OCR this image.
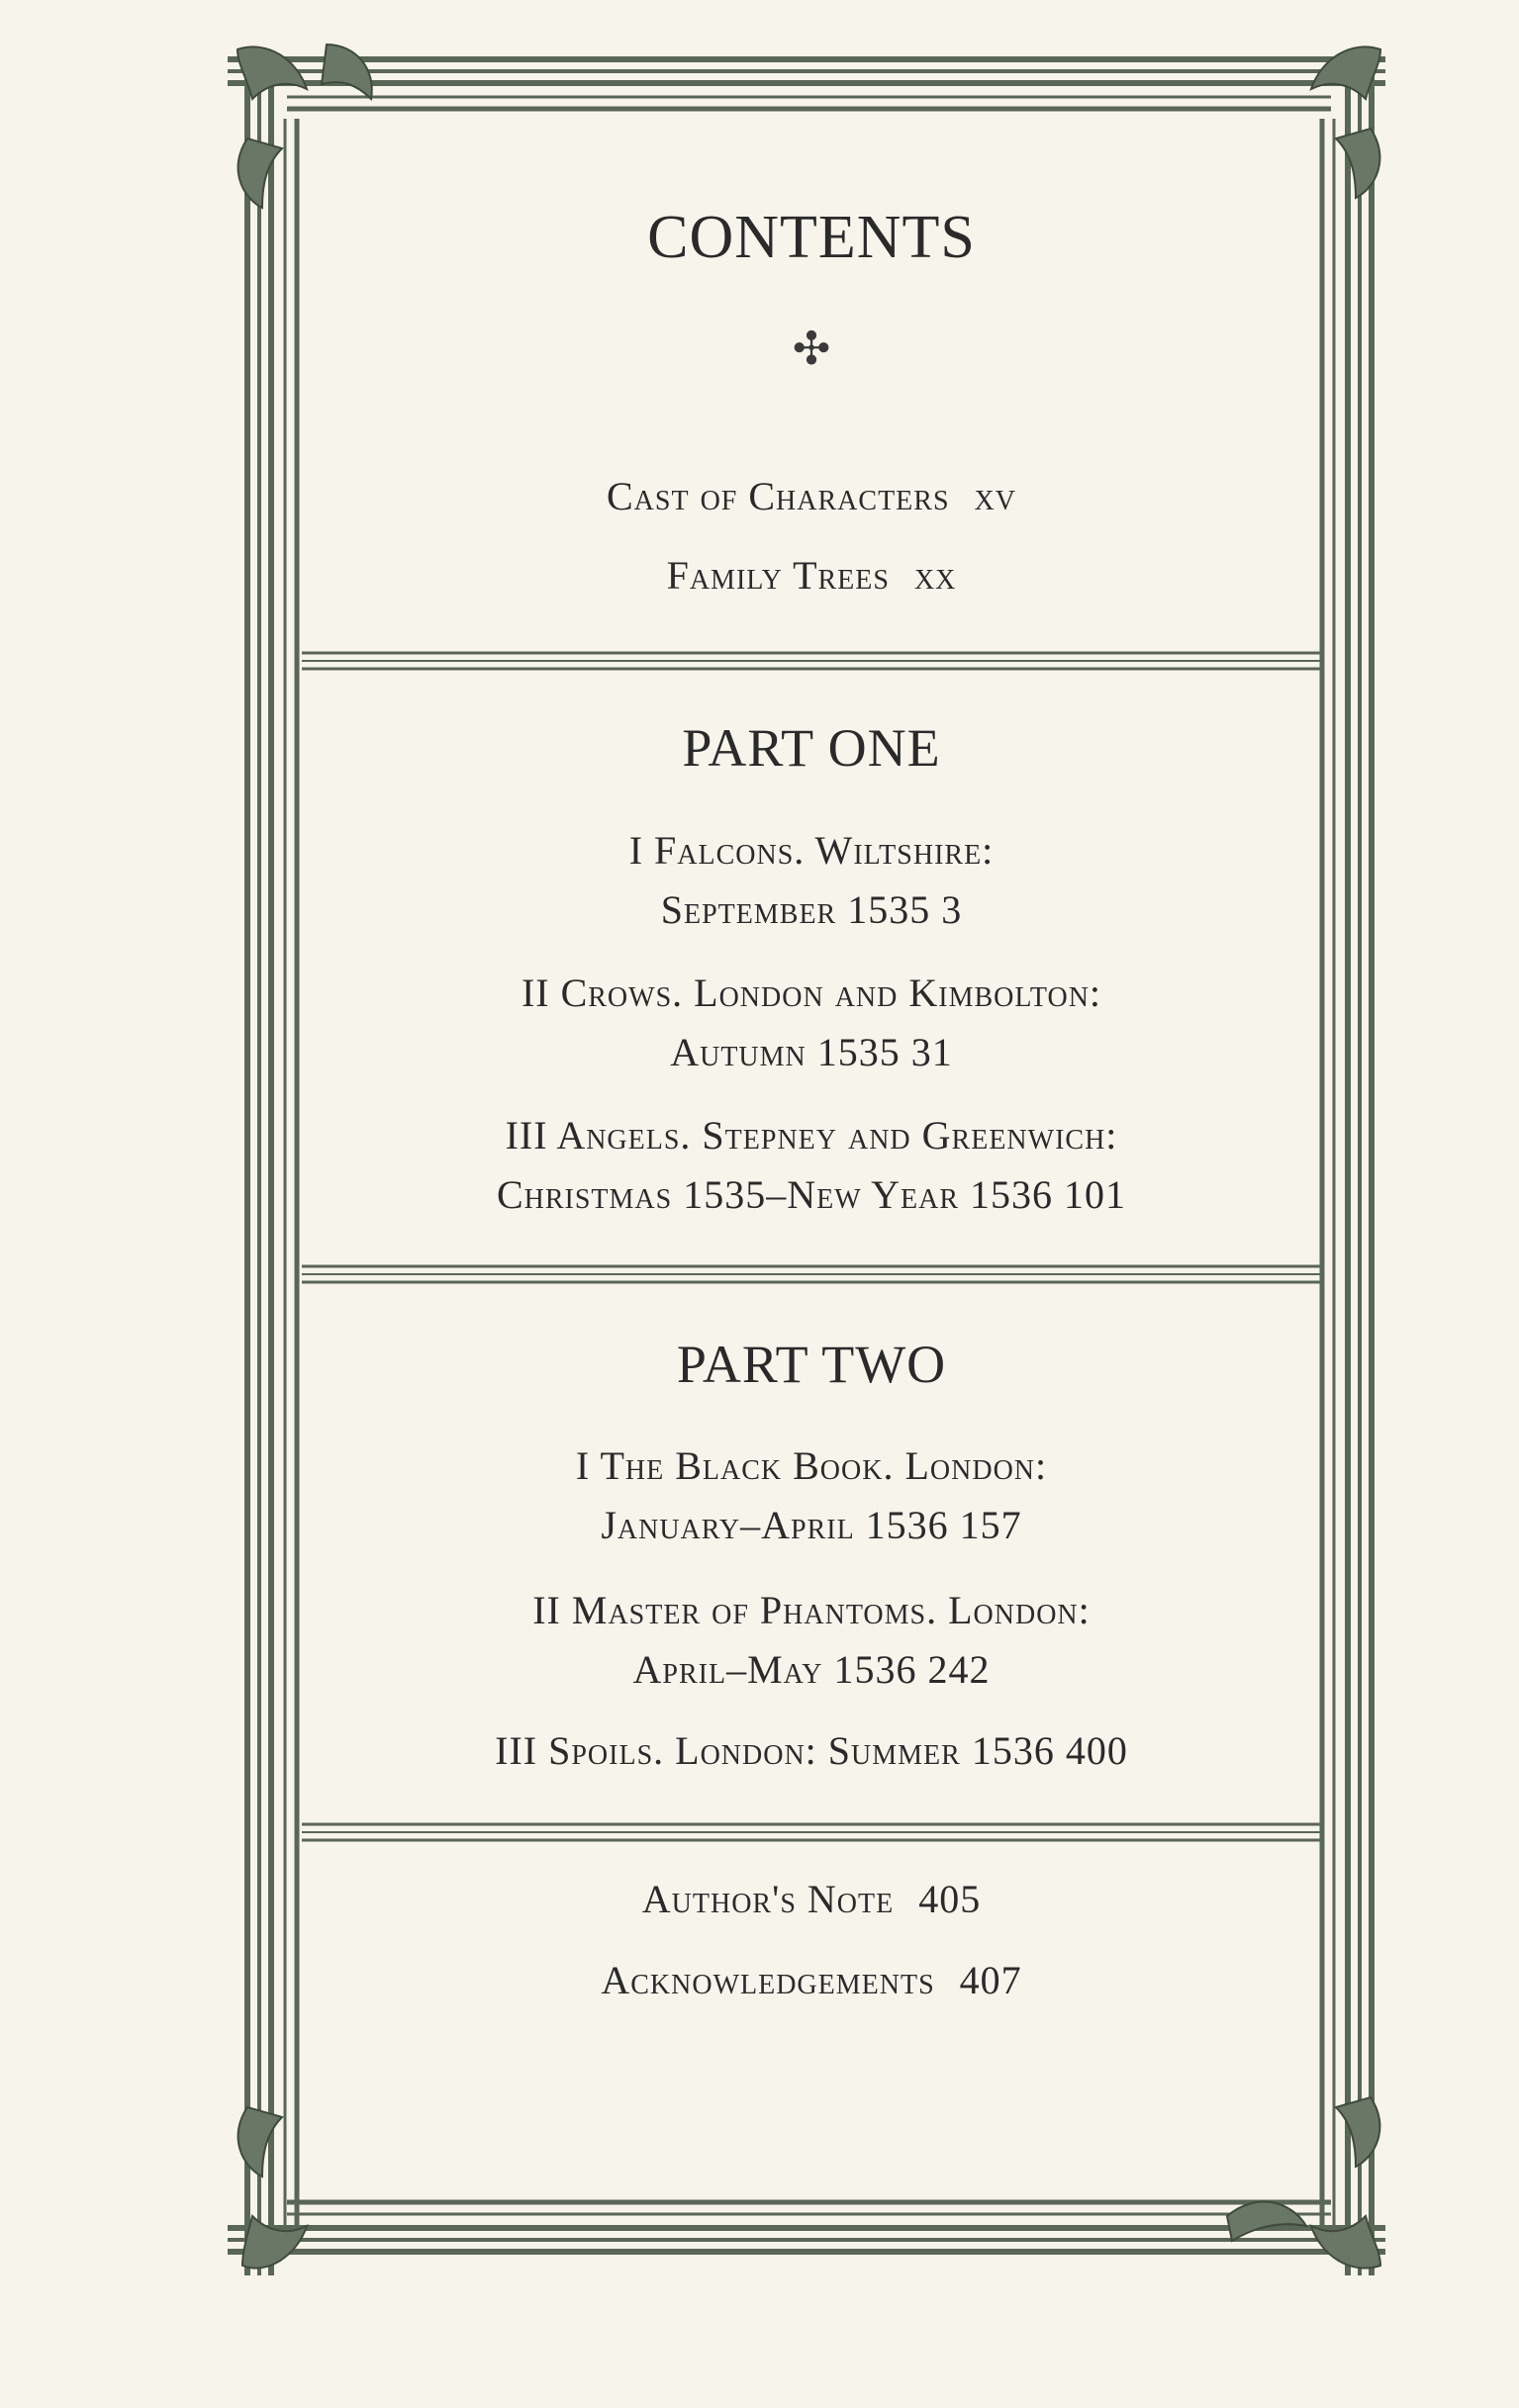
CONTENTS
✣
Cast of Characters xv
Family Trees xx
PART ONE
I Falcons. Wiltshire:
September 1535 3
II Crows. London and Kimbolton:
Autumn 1535 31
III Angels. Stepney and Greenwich:
Christmas 1535–New Year 1536 101
PART TWO
I The Black Book. London:
January–April 1536 157
II Master of Phantoms. London:
April–May 1536 242
III Spoils. London: Summer 1536 400
Author's Note 405
Acknowledgements 407
